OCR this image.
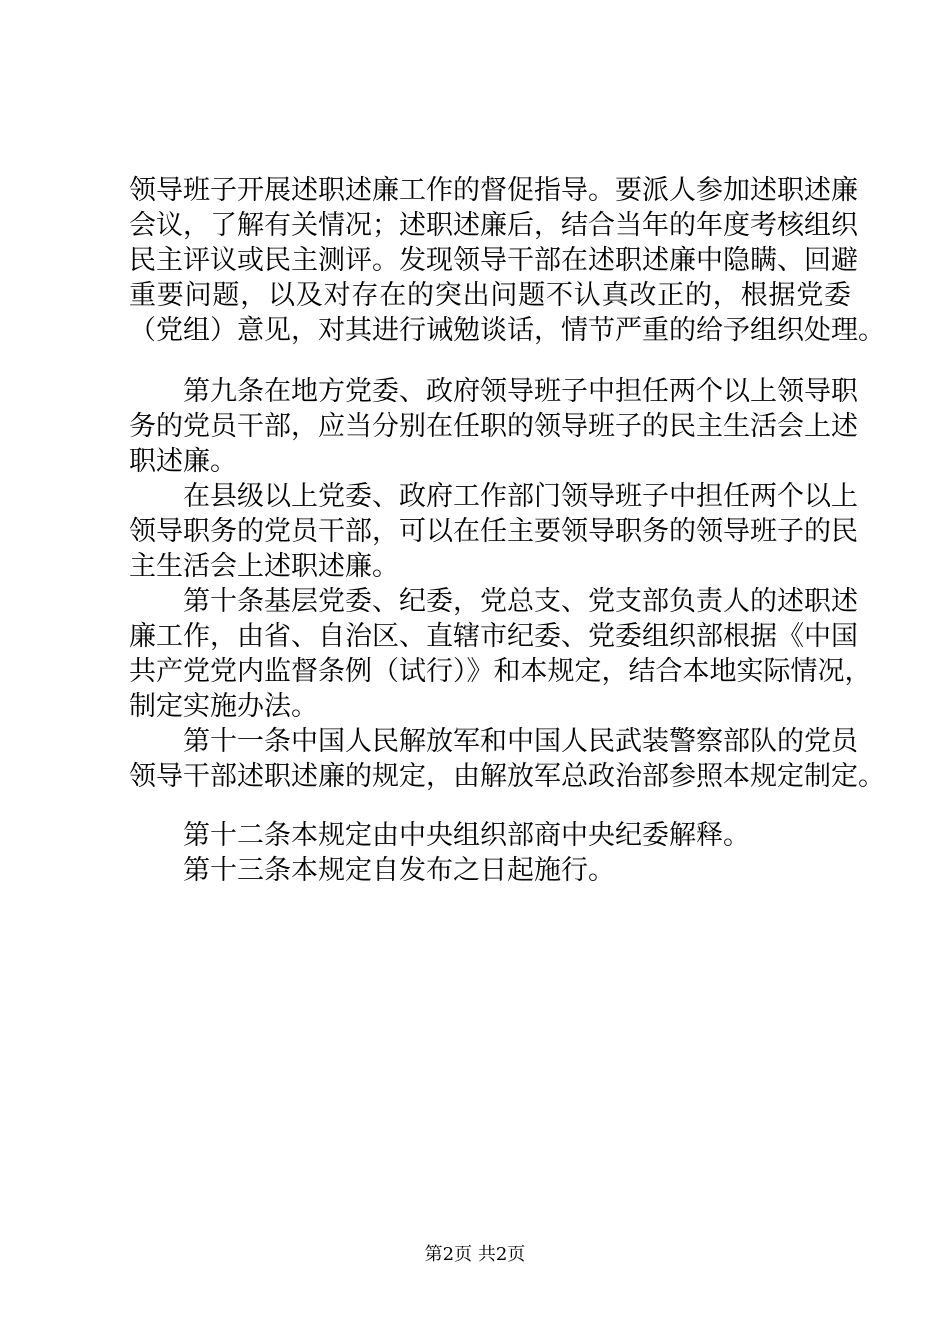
领导班子开展述职述廉工作的督促指导。要派人参加述职述廉
会议，了解有关情况；述职述廉后，结合当年的年度考核组织
民主评议或民主测评。发现领导干部在述职述廉中隐瞒、回避
重要问题，以及对存在的突出问题不认真改正的，根据党委
（党组）意见，对其进行诫勉谈话，情节严重的给予组织处理。
第九条在地方党委、政府领导班子中担任两个以上领导职
务的党员干部，应当分别在任职的领导班子的民主生活会上述
职述廉。
在县级以上党委、政府工作部门领导班子中担任两个以上
领导职务的党员干部，可以在任主要领导职务的领导班子的民
主生活会上述职述廉。
第十条基层党委、纪委，党总支、党支部负责人的述职述
廉工作，由省、自治区、直辖市纪委、党委组织部根据《中国
共产党党内监督条例（试行）》和本规定，结合本地实际情况，
制定实施办法。
第十一条中国人民解放军和中国人民武装警察部队的党员
领导干部述职述廉的规定，由解放军总政治部参照本规定制定。
第十二条本规定由中央组织部商中央纪委解释。
第十三条本规定自发布之日起施行。
第2页 共2页
